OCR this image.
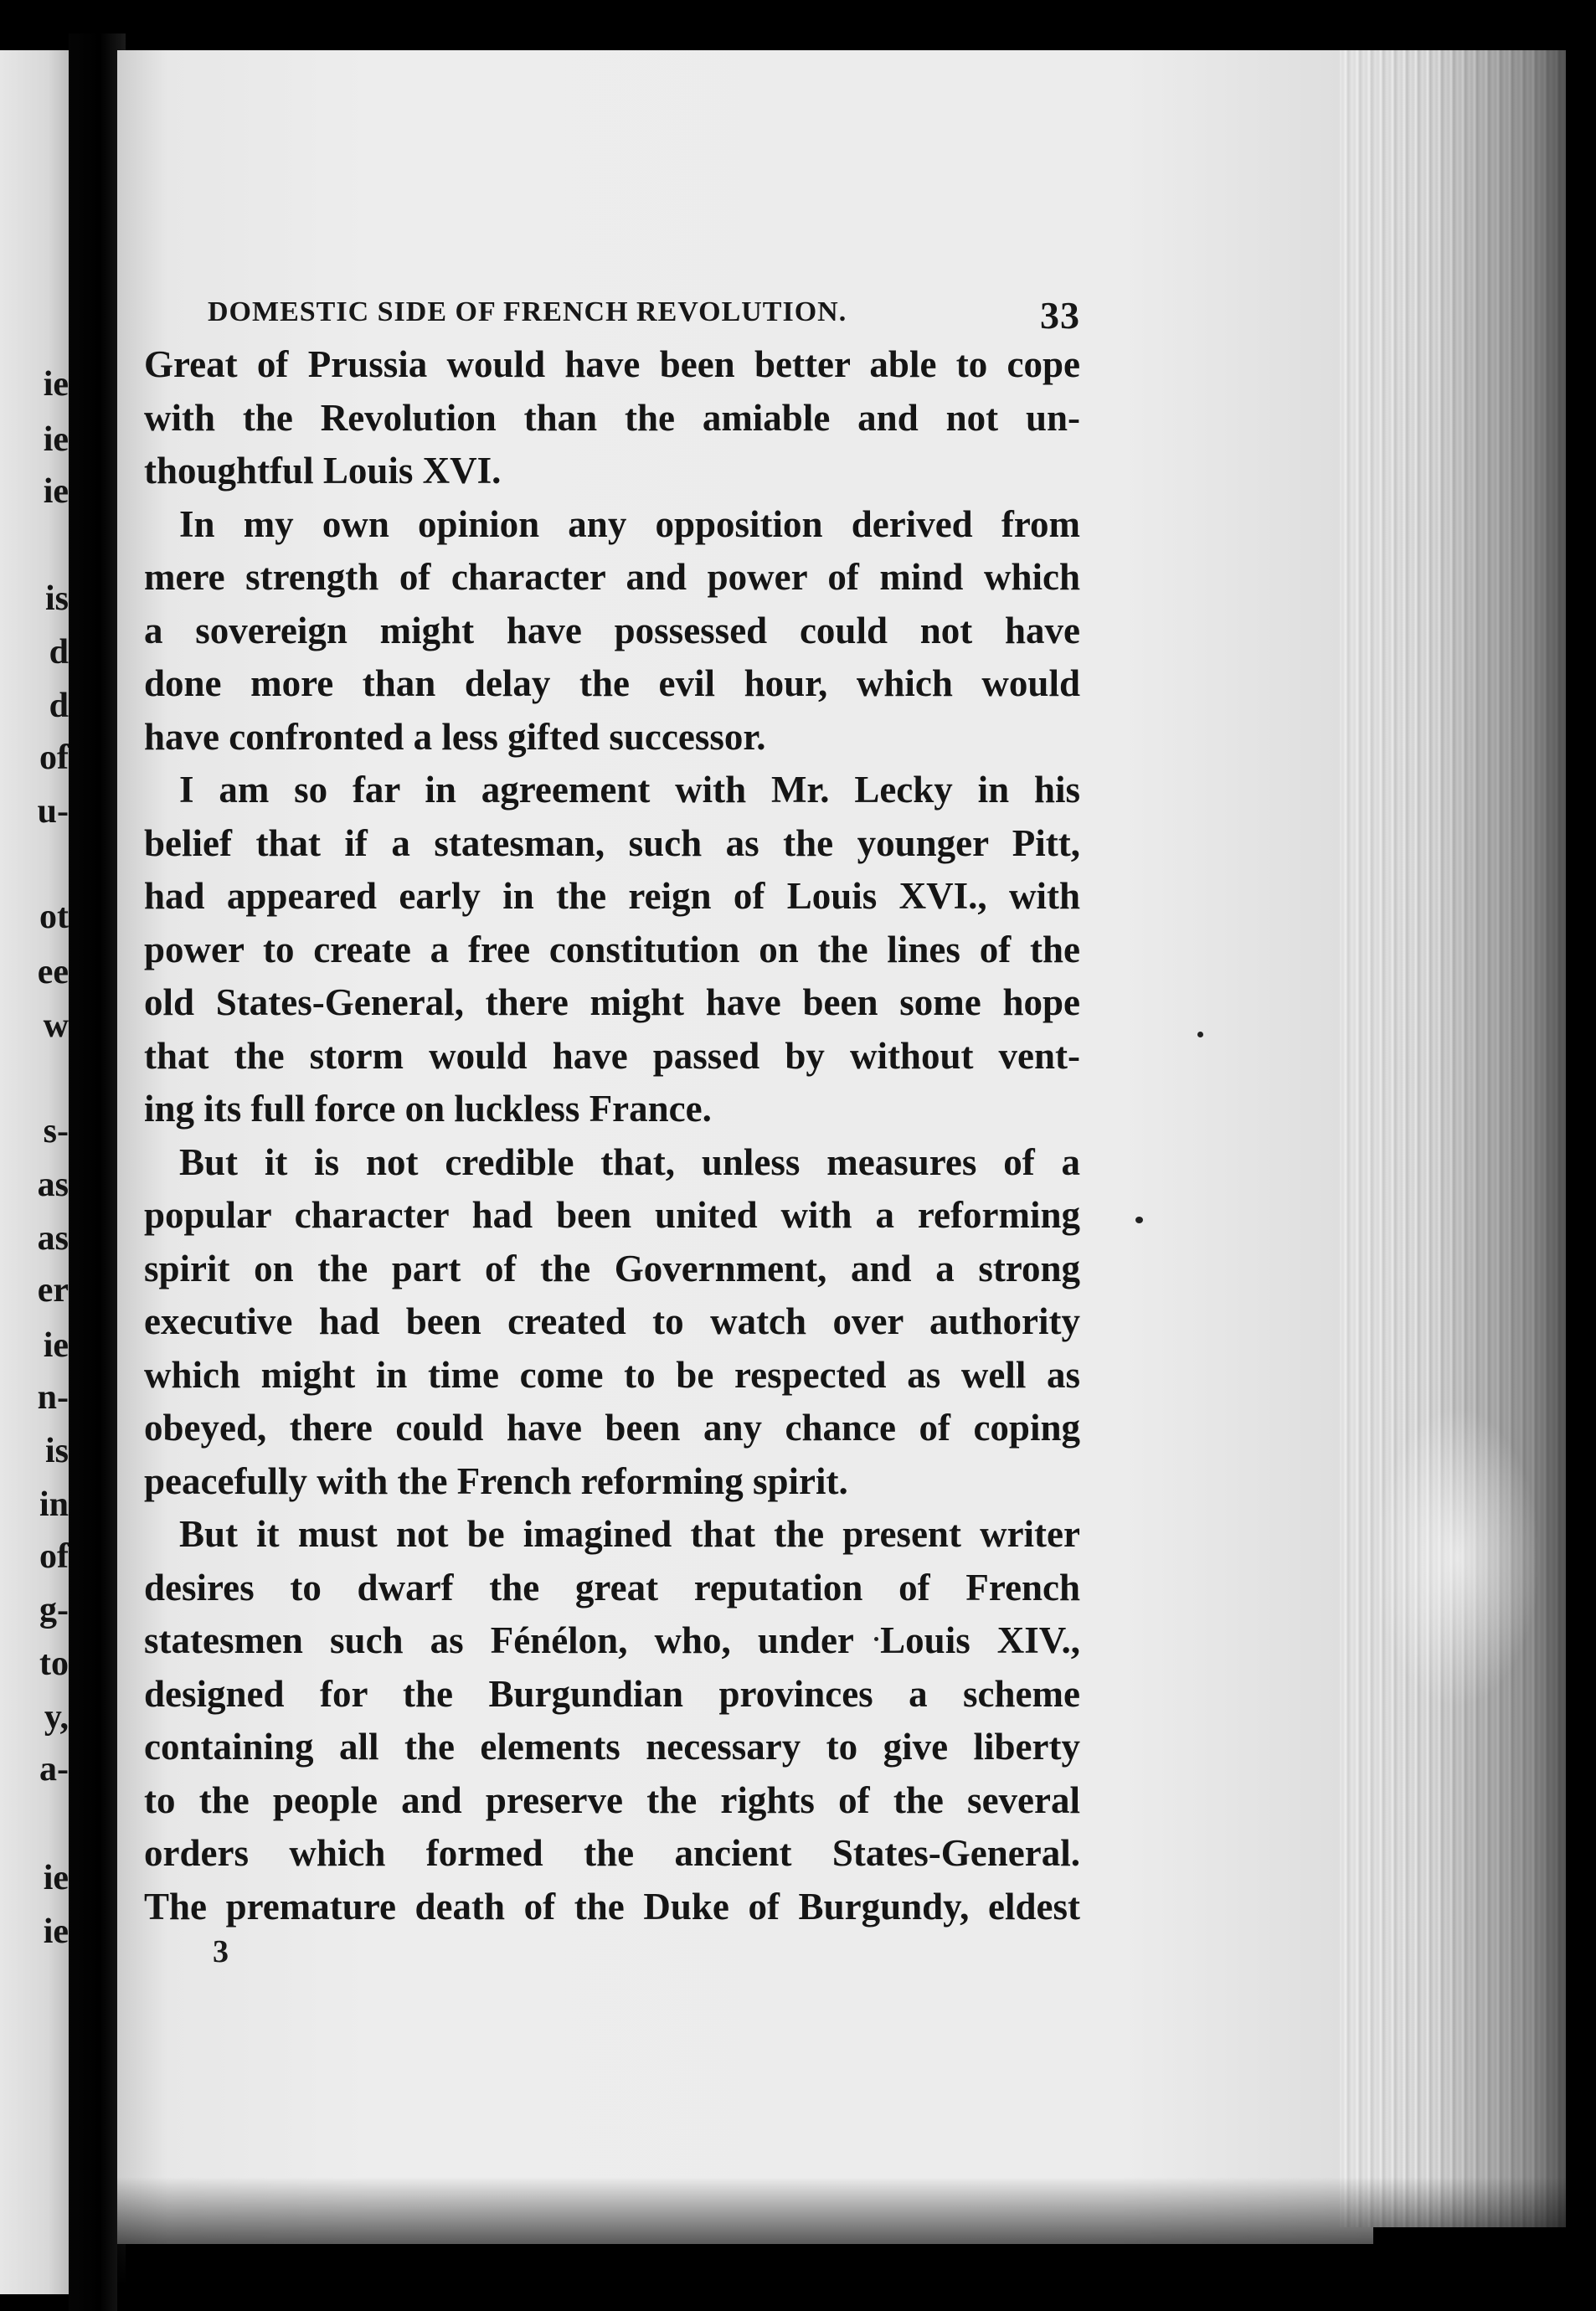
ie
ie
ie
is
d
d
of
u-
ot
ee
w
s-
as
as
er
ie
n-
is
in
of
g-
to
y,
a-
ie
ie
DOMESTIC SIDE OF FRENCH REVOLUTION.	33
Great of Prussia would have been better able to cope
with the Revolution than the amiable and not un-
thoughtful Louis XVI.
In my own opinion any opposition derived from
mere strength of character and power of mind which
a sovereign might have possessed could not have
done more than delay the evil hour, which would
have confronted a less gifted successor.
I am so far in agreement with Mr. Lecky in his
belief that if a statesman, such as the younger Pitt,
had appeared early in the reign of Louis XVI., with
power to create a free constitution on the lines of the
old States-General, there might have been some hope
that the storm would have passed by without vent-
ing its full force on luckless France.
But it is not credible that, unless measures of a
popular character had been united with a reforming
spirit on the part of the Government, and a strong
executive had been created to watch over authority
which might in time come to be respected as well as
obeyed, there could have been any chance of coping
peacefully with the French reforming spirit.
But it must not be imagined that the present writer
desires to dwarf the great reputation of French
statesmen such as Fénélon, who, under Louis XIV.,
designed for the Burgundian provinces a scheme
containing all the elements necessary to give liberty
to the people and preserve the rights of the several
orders which formed the ancient States-General.
The premature death of the Duke of Burgundy, eldest
3
